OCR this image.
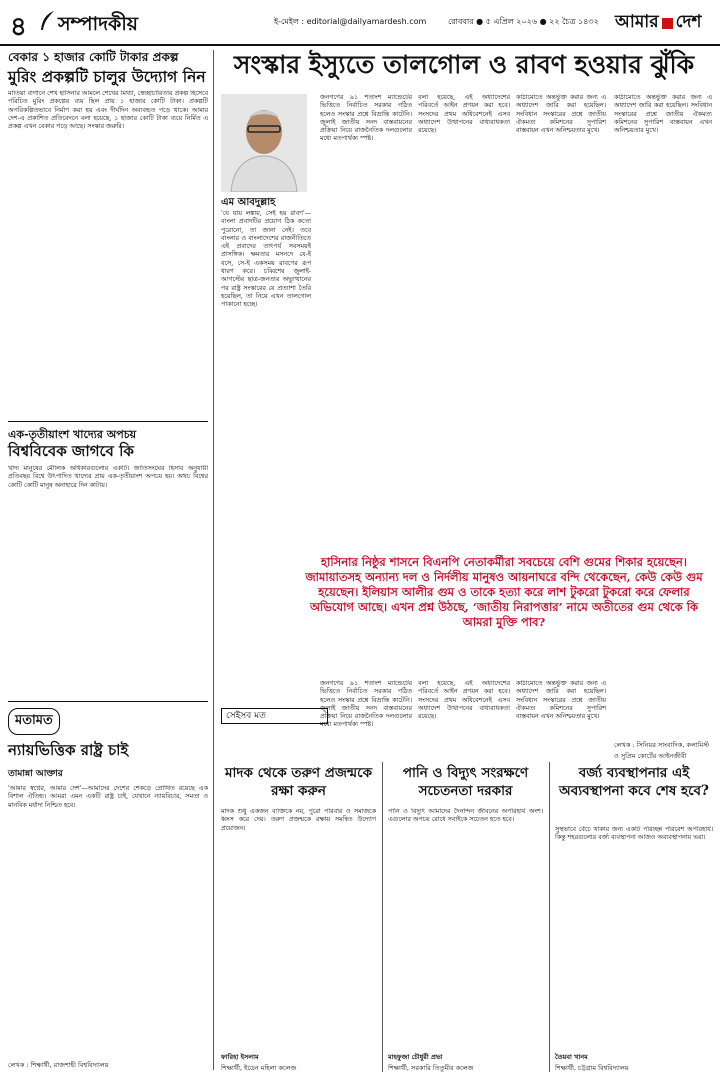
৪ সম্পাদকীয়	ই-মেইল : editorial@dailyamardesh.com	রোববার ● ৫ এপ্রিল ২০২৬ ● ২২ চৈত্র ১৪৩২ আমার দেশ
বেকার ১ হাজার কোটি টাকার প্রকল্প
মুরিং প্রকল্পটি চালুর উদ্যোগ নিন
মাতিয়া বাগানে শেখ হাসিনার আমলে শেখের মিথ্যা, স্বেচ্ছাচারিতার প্রকল্প হিসেবে পরিচিত মুরিং প্রকল্পের ব্যয় ছিল প্রায় ১ হাজার কোটি টাকা। প্রকল্পটি অপরিকল্পিতভাবে নির্মাণ করা হয় এবং দীর্ঘদিন অব্যবহৃত পড়ে থাকে। আমার দেশ-এ প্রকাশিত প্রতিবেদনে বলা হয়েছে, ১ হাজার কোটি টাকা ব্যয়ে নির্মিত এ প্রকল্প এখন বেকার পড়ে আছে। সংস্কার জরুরি।
এক-তৃতীয়াংশ খাদ্যের অপচয়
বিশ্ববিবেক জাগবে কি
খাদ্য মানুষের মৌলিক অধিকারগুলোর একটি। জাতিসংঘের হিসাব অনুযায়ী প্রতিবছর বিশ্বে উৎপাদিত খাদ্যের প্রায় এক-তৃতীয়াংশ অপচয় হয়। অথচ বিশ্বের কোটি কোটি মানুষ অনাহারে দিন কাটায়।
মতামত
ন্যায়ভিত্তিক রাষ্ট্র চাই
তামান্না আক্তার
'আমার স্বপ্নের, আমার দেশ'—আমাদের দেশের শেকড়ে প্রোথিত রয়েছে এক বিশাল ঐতিহ্য। আমরা এমন একটি রাষ্ট্র চাই, যেখানে ন্যায়বিচার, সমতা ও মানবিক মর্যাদা নিশ্চিত হবে।
লেখক : শিক্ষার্থী, রাজশাহী বিশ্ববিদ্যালয়
সংস্কার ইস্যুতে তালগোল ও রাবণ হওয়ার ঝুঁকি
এম আবদুল্লাহ
'যে যায় লঙ্কায়, সেই হয় রাবণ'—বাংলা প্রবাদটির প্রয়োগ ঠিক কতো পুরোনো, তা জানা নেই। তবে বাংলার ও বাংলাদেশের রাজনীতিতে এই প্রবাদের তাৎপর্য সবসময়ই প্রাসঙ্গিক। ক্ষমতার মসনদে যে-ই বসে, সে-ই একসময় রাবণের রূপ ধারণ করে। চব্বিশের জুলাই-আগস্টের ছাত্র-জনতার অভ্যুত্থানের পর রাষ্ট্র সংস্কারের যে প্রত্যাশা তৈরি হয়েছিল, তা নিয়ে এখন তালগোল পাকানো হচ্ছে।
জনগণের ৯১ শতাংশ ম্যান্ডেটের ভিত্তিতে নির্বাচিত সরকার গঠিত হলেও সংস্কার প্রশ্নে বিভ্রান্তি কাটেনি। জুলাই জাতীয় সনদ বাস্তবায়নের প্রক্রিয়া নিয়ে রাজনৈতিক দলগুলোর মধ্যে মতপার্থক্য স্পষ্ট।
বলা হয়েছে, এই অধ্যাদেশের পরিবর্তে আইন প্রণয়ন করা হবে। সংসদের প্রথম অধিবেশনেই এসব অধ্যাদেশ উত্থাপনের বাধ্যবাধকতা রয়েছে।
কাঠামোতে অন্তর্ভুক্ত করার জন্য এ অধ্যাদেশ জারি করা হয়েছিল। সংবিধান সংস্কারের প্রশ্নে জাতীয় ঐকমত্য কমিশনের সুপারিশ বাস্তবায়ন এখন অনিশ্চয়তার মুখে।
কাঠামোতে অন্তর্ভুক্ত করার জন্য এ অধ্যাদেশ জারি করা হয়েছিল। সংবিধান সংস্কারের প্রশ্নে জাতীয় ঐকমত্য কমিশনের সুপারিশ বাস্তবায়ন এখন অনিশ্চয়তার মুখে।
হাসিনার নিষ্ঠুর শাসনে বিএনপি নেতাকর্মীরা সবচেয়ে বেশি গুমের শিকার হয়েছেন। জামায়াতসহ অন্যান্য দল ও নির্দলীয় মানুষও আয়নাঘরে বন্দি থেকেছেন, কেউ কেউ গুম হয়েছেন। ইলিয়াস আলীর গুম ও তাকে হত্যা করে লাশ টুকরো টুকরো করে ফেলার অভিযোগ আছে। এখন প্রশ্ন উঠছে, ‘জাতীয় নিরাপত্তার’ নামে অতীতের গুম থেকে কি আমরা মুক্তি পাব?
জনগণের ৯১ শতাংশ ম্যান্ডেটের ভিত্তিতে নির্বাচিত সরকার গঠিত হলেও সংস্কার প্রশ্নে বিভ্রান্তি কাটেনি। জুলাই জাতীয় সনদ বাস্তবায়নের প্রক্রিয়া নিয়ে রাজনৈতিক দলগুলোর মধ্যে মতপার্থক্য স্পষ্ট।
বলা হয়েছে, এই অধ্যাদেশের পরিবর্তে আইন প্রণয়ন করা হবে। সংসদের প্রথম অধিবেশনেই এসব অধ্যাদেশ উত্থাপনের বাধ্যবাধকতা রয়েছে।
কাঠামোতে অন্তর্ভুক্ত করার জন্য এ অধ্যাদেশ জারি করা হয়েছিল। সংবিধান সংস্কারের প্রশ্নে জাতীয় ঐকমত্য কমিশনের সুপারিশ বাস্তবায়ন এখন অনিশ্চয়তার মুখে।
লেখক : সিনিয়র সাংবাদিক, কলামিস্ট ও সুপ্রিম কোর্টের আইনজীবী
সেইসব মত
মাদক থেকে তরুণ প্রজন্মকে রক্ষা করুন
মাদক শুধু একজন ব্যক্তিকে নয়, পুরো পরিবার ও সমাজকে ধ্বংস করে দেয়। তরুণ প্রজন্মকে রক্ষায় সমন্বিত উদ্যোগ প্রয়োজন।
ফারিহা ইসলাম
শিক্ষার্থী, ইডেন মহিলা কলেজ
পানি ও বিদ্যুৎ সংরক্ষণে সচেতনতা দরকার
পানি ও বিদ্যুৎ আমাদের দৈনন্দিন জীবনের অপরিহার্য অংশ। এগুলোর অপচয় রোধে সবাইকে সচেতন হতে হবে।
মাহফুজা চৌধুরী প্রভা
শিক্ষার্থী, সরকারি তিতুমীর কলেজ
বর্জ্য ব্যবস্থাপনার এই অব্যবস্থাপনা কবে শেষ হবে?
সুস্থভাবে বেঁচে থাকার জন্য একটি পরিচ্ছন্ন পরিবেশ অপরিহার্য। কিন্তু শহরগুলোর বর্জ্য ব্যবস্থাপনা আজও অব্যবস্থাপনায় ভরা।
তৈয়বা খানম
শিক্ষার্থী, চট্টগ্রাম বিশ্ববিদ্যালয়
